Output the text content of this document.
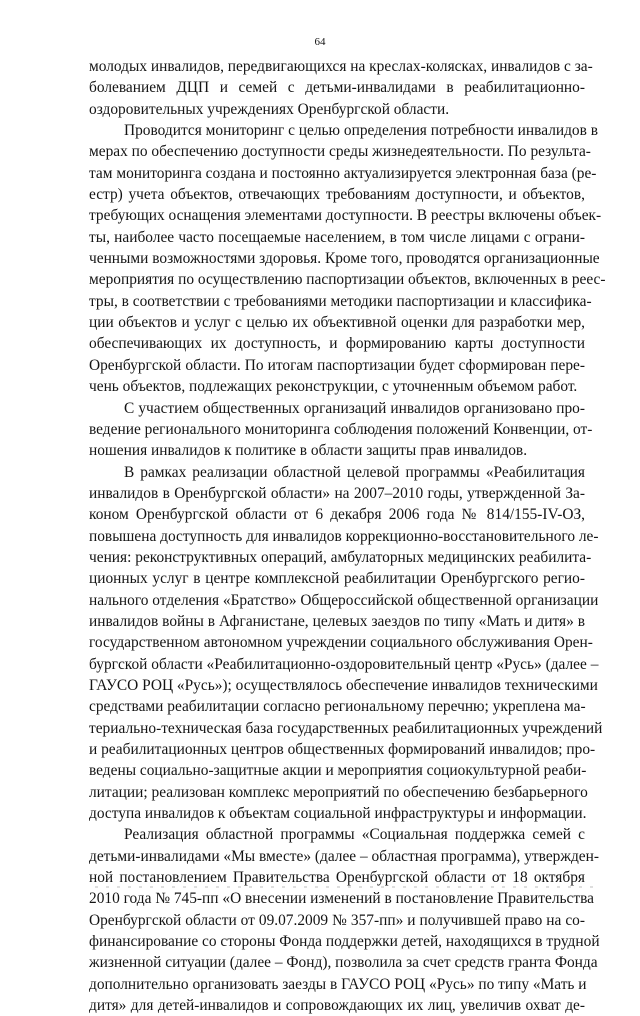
64
молодых инвалидов, передвигающихся на креслах-колясках, инвалидов с за-
болеванием ДЦП и семей с детьми-инвалидами в реабилитационно-
оздоровительных учреждениях Оренбургской области.
Проводится мониторинг с целью определения потребности инвалидов в
мерах по обеспечению доступности среды жизнедеятельности. По результа-
там мониторинга создана и постоянно актуализируется электронная база (ре-
естр) учета объектов, отвечающих требованиям доступности, и объектов,
требующих оснащения элементами доступности. В реестры включены объек-
ты, наиболее часто посещаемые населением, в том числе лицами с ограни-
ченными возможностями здоровья. Кроме того, проводятся организационные
мероприятия по осуществлению паспортизации объектов, включенных в реес-
тры, в соответствии с требованиями методики паспортизации и классифика-
ции объектов и услуг с целью их объективной оценки для разработки мер,
обеспечивающих их доступность, и формированию карты доступности
Оренбургской области. По итогам паспортизации будет сформирован пере-
чень объектов, подлежащих реконструкции, с уточненным объемом работ.
С участием общественных организаций инвалидов организовано про-
ведение регионального мониторинга соблюдения положений Конвенции, от-
ношения инвалидов к политике в области защиты прав инвалидов.
В рамках реализации областной целевой программы «Реабилитация
инвалидов в Оренбургской области» на 2007–2010 годы, утвержденной За-
коном Оренбургской области от 6 декабря 2006 года № 814/155-IV-ОЗ,
повышена доступность для инвалидов коррекционно-восстановительного ле-
чения: реконструктивных операций, амбулаторных медицинских реабилита-
ционных услуг в центре комплексной реабилитации Оренбургского регио-
нального отделения «Братство» Общероссийской общественной организации
инвалидов войны в Афганистане, целевых заездов по типу «Мать и дитя» в
государственном автономном учреждении социального обслуживания Орен-
бургской области «Реабилитационно-оздоровительный центр «Русь» (далее –
ГАУСО РОЦ «Русь»); осуществлялось обеспечение инвалидов техническими
средствами реабилитации согласно региональному перечню; укреплена ма-
териально-техническая база государственных реабилитационных учреждений
и реабилитационных центров общественных формирований инвалидов; про-
ведены социально-защитные акции и мероприятия социокультурной реаби-
литации; реализован комплекс мероприятий по обеспечению безбарьерного
доступа инвалидов к объектам социальной инфраструктуры и информации.
Реализация областной программы «Социальная поддержка семей с
детьми-инвалидами «Мы вместе» (далее – областная программа), утвержден-
ной постановлением Правительства Оренбургской области от 18 октября
2010 года № 745-пп «О внесении изменений в постановление Правительства
Оренбургской области от 09.07.2009 № 357-пп» и получившей право на со-
финансирование со стороны Фонда поддержки детей, находящихся в трудной
жизненной ситуации (далее – Фонд), позволила за счет средств гранта Фонда
дополнительно организовать заезды в ГАУСО РОЦ «Русь» по типу «Мать и
дитя» для детей-инвалидов и сопровождающих их лиц, увеличив охват де-
